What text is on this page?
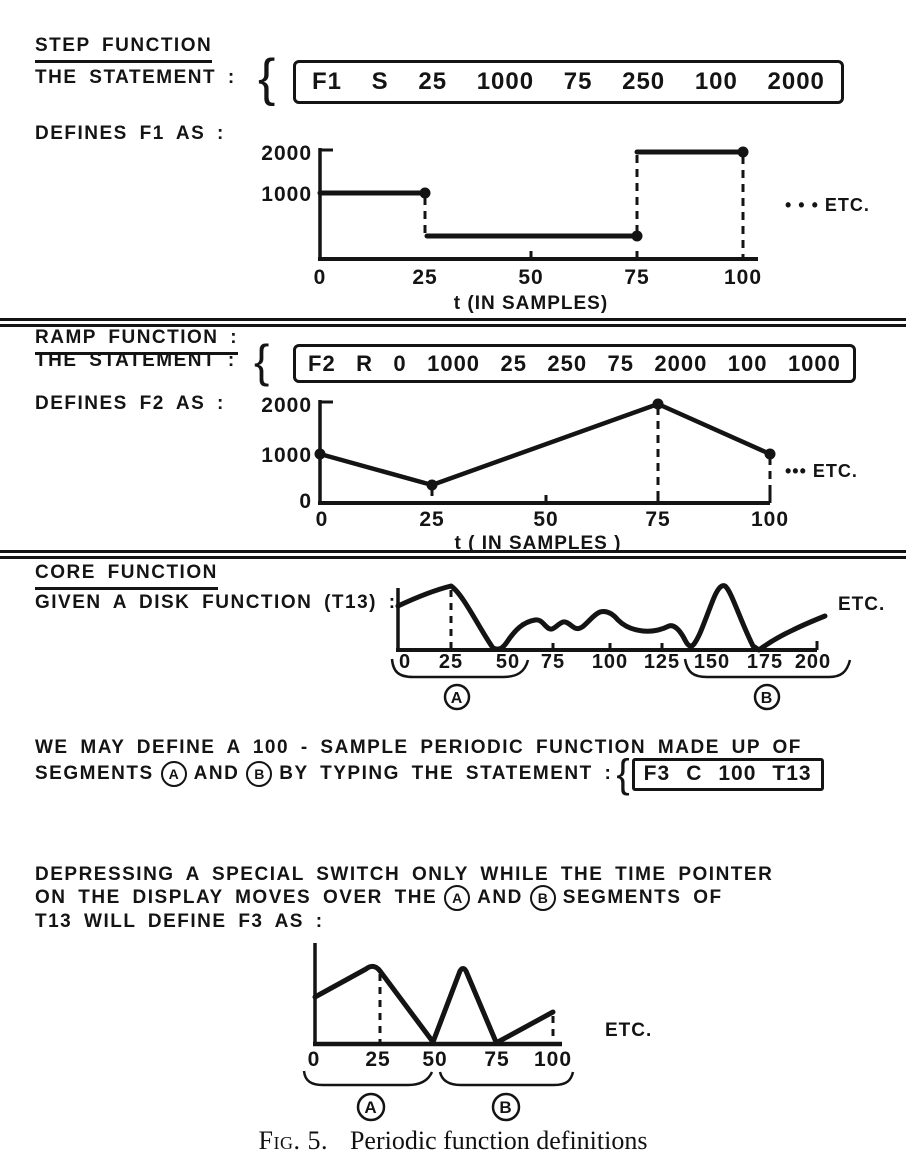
STEP FUNCTION
THE STATEMENT : { F1 S 25 1000 75 250 100 2000
DEFINES F1 AS :
2000
1000
0	25	50	75	100
t (IN SAMPLES)
• • • ETC.
RAMP FUNCTION :
THE STATEMENT : { F2 R 0 1000 25 250 75 2000 100 1000
DEFINES F2 AS : 2000
1000
0
0	25	50	75	100
t ( IN SAMPLES )
••• ETC.
CORE FUNCTION
GIVEN A DISK FUNCTION (T13) :
0 25 50 75 100 125 150 175 200
A	B
ETC.
WE MAY DEFINE A 100 - SAMPLE PERIODIC FUNCTION MADE UP OF
SEGMENTS	A AND	B BY TYPING THE STATEMENT : { F3 C 100 T13
DEPRESSING A SPECIAL SWITCH ONLY WHILE THE TIME POINTER
ON THE DISPLAY MOVES OVER THE	A AND	B SEGMENTS OF
T13 WILL DEFINE F3 AS :
0 25 50 75 100
A	B
ETC.
Fig. 5. Periodic function definitions
